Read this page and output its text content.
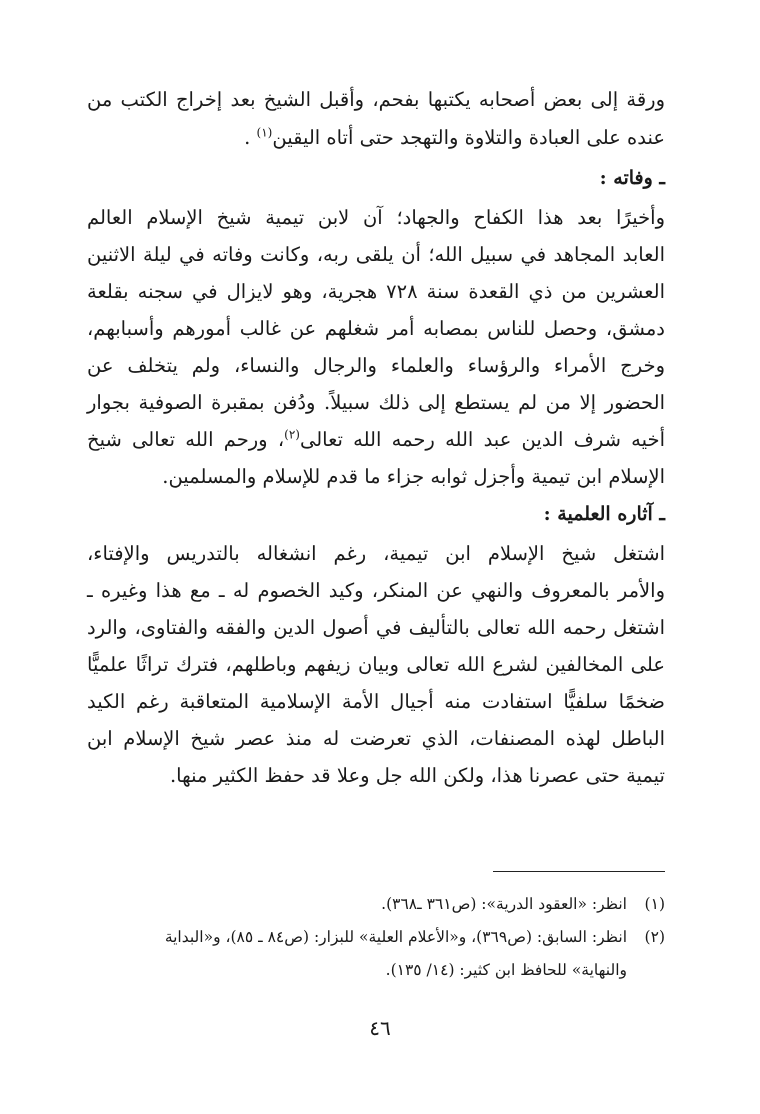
ورقة إلى بعض أصحابه يكتبها بفحم، وأقبل الشيخ بعد إخراج الكتب من
عنده على العبادة والتلاوة والتهجد حتى أتاه اليقين$^{(١)}$ .
ـ وفاته :
وأخيرًا بعد هذا الكفاح والجهاد؛ آن لابن تيمية شيخ الإسلام العالم
العابد المجاهد في سبيل الله؛ أن يلقى ربه، وكانت وفاته في ليلة الاثنين
العشرين من ذي القعدة سنة ٧٢٨ هجرية، وهو لايزال في سجنه بقلعة
دمشق، وحصل للناس بمصابه أمر شغلهم عن غالب أمورهم وأسبابهم،
وخرج الأمراء والرؤساء والعلماء والرجال والنساء، ولم يتخلف عن
الحضور إلا من لم يستطع إلى ذلك سبيلاً. ودُفن بمقبرة الصوفية بجوار
أخيه شرف الدين عبد الله رحمه الله تعالى$^{(٢)}$، ورحم الله تعالى شيخ
الإسلام ابن تيمية وأجزل ثوابه جزاء ما قدم للإسلام والمسلمين.
ـ آثاره العلمية :
اشتغل شيخ الإسلام ابن تيمية، رغم انشغاله بالتدريس والإفتاء،
والأمر بالمعروف والنهي عن المنكر، وكيد الخصوم له ـ مع هذا وغيره ـ
اشتغل رحمه الله تعالى بالتأليف في أصول الدين والفقه والفتاوى، والرد
على المخالفين لشرع الله تعالى وبيان زيفهم وباطلهم، فترك تراثًا علميًّا
ضخمًا سلفيًّا استفادت منه أجيال الأمة الإسلامية المتعاقبة رغم الكيد
الباطل لهذه المصنفات، الذي تعرضت له منذ عصر شيخ الإسلام ابن
تيمية حتى عصرنا هذا، ولكن الله جل وعلا قد حفظ الكثير منها.
(١)انظر: «العقود الدرية»: (ص٣٦١ ـ٣٦٨).
(٢)انظر: السابق: (ص٣٦٩)، و«الأعلام العلية» للبزار: (ص٨٤ ـ ٨٥)، و«البداية
والنهاية» للحافظ ابن كثير: (١٤/ ١٣٥).
٤٦
